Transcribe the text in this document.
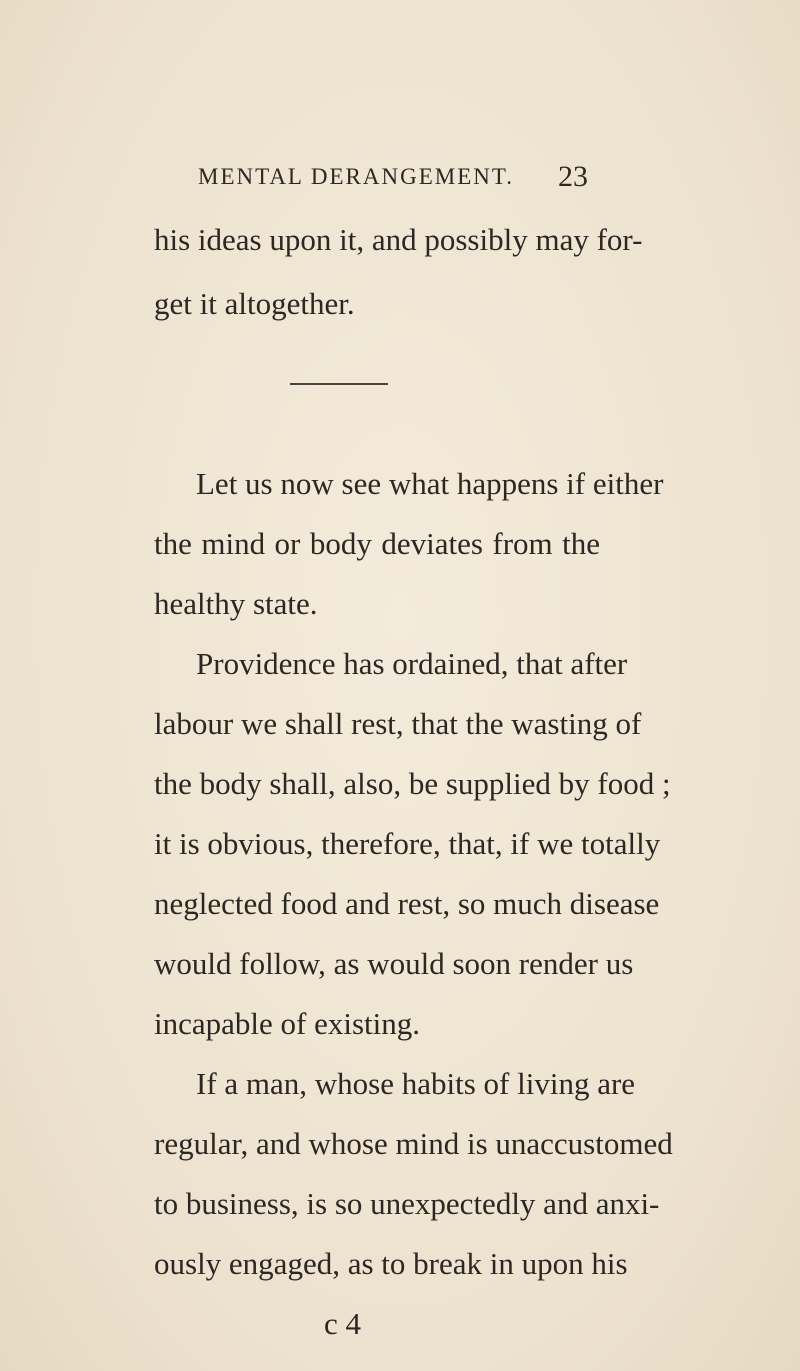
MENTAL DERANGEMENT. 23
his ideas upon it, and possibly may for-
get it altogether.
Let us now see what happens if either
the mind or body deviates from the
healthy state.
Providence has ordained, that after
labour we shall rest, that the wasting of
the body shall, also, be supplied by food ;
it is obvious, therefore, that, if we totally
neglected food and rest, so much disease
would follow, as would soon render us
incapable of existing.
If a man, whose habits of living are
regular, and whose mind is unaccustomed
to business, is so unexpectedly and anxi-
ously engaged, as to break in upon his
c 4
